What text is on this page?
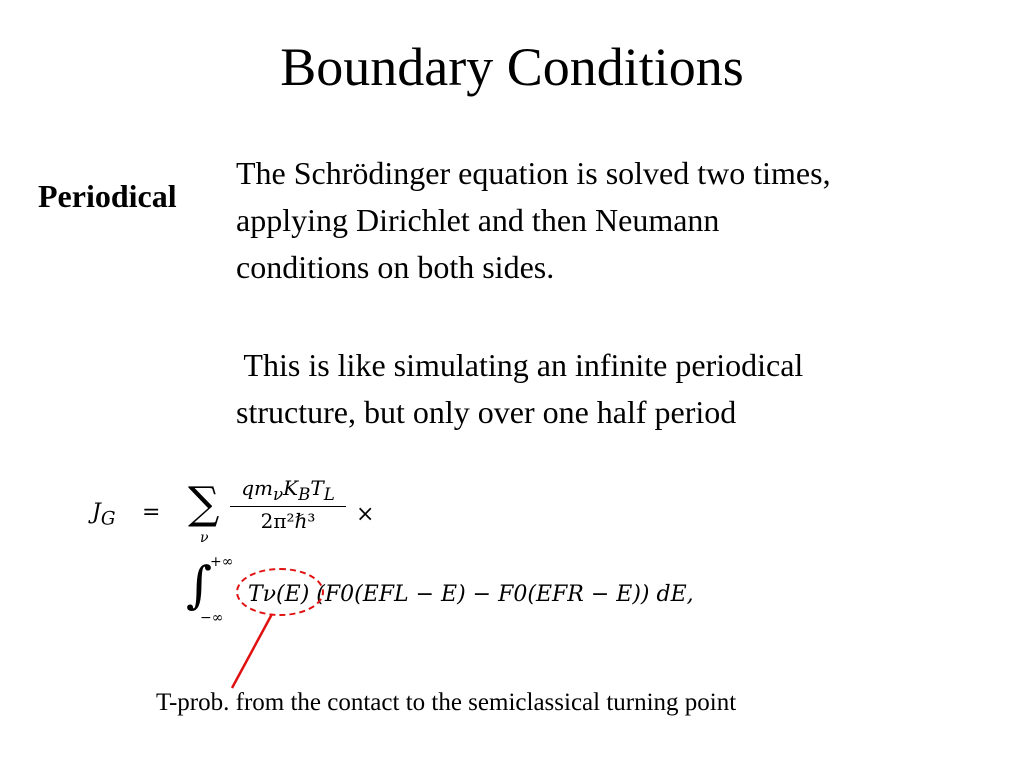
Boundary Conditions
Periodical

The Schrödinger equation is solved two times,
applying Dirichlet and then Neumann
conditions on both sides.

This is like simulating an infinite periodical
structure, but only over one half period

$J_G$ = ∑
ν
$qm_\nu K_BT_L$
2π²ℏ³	×
∫
+∞
−∞
Tν(E) (F0(EFL − E) − F0(EFR − E)) dE,
T-prob. from the contact to the semiclassical turning point
